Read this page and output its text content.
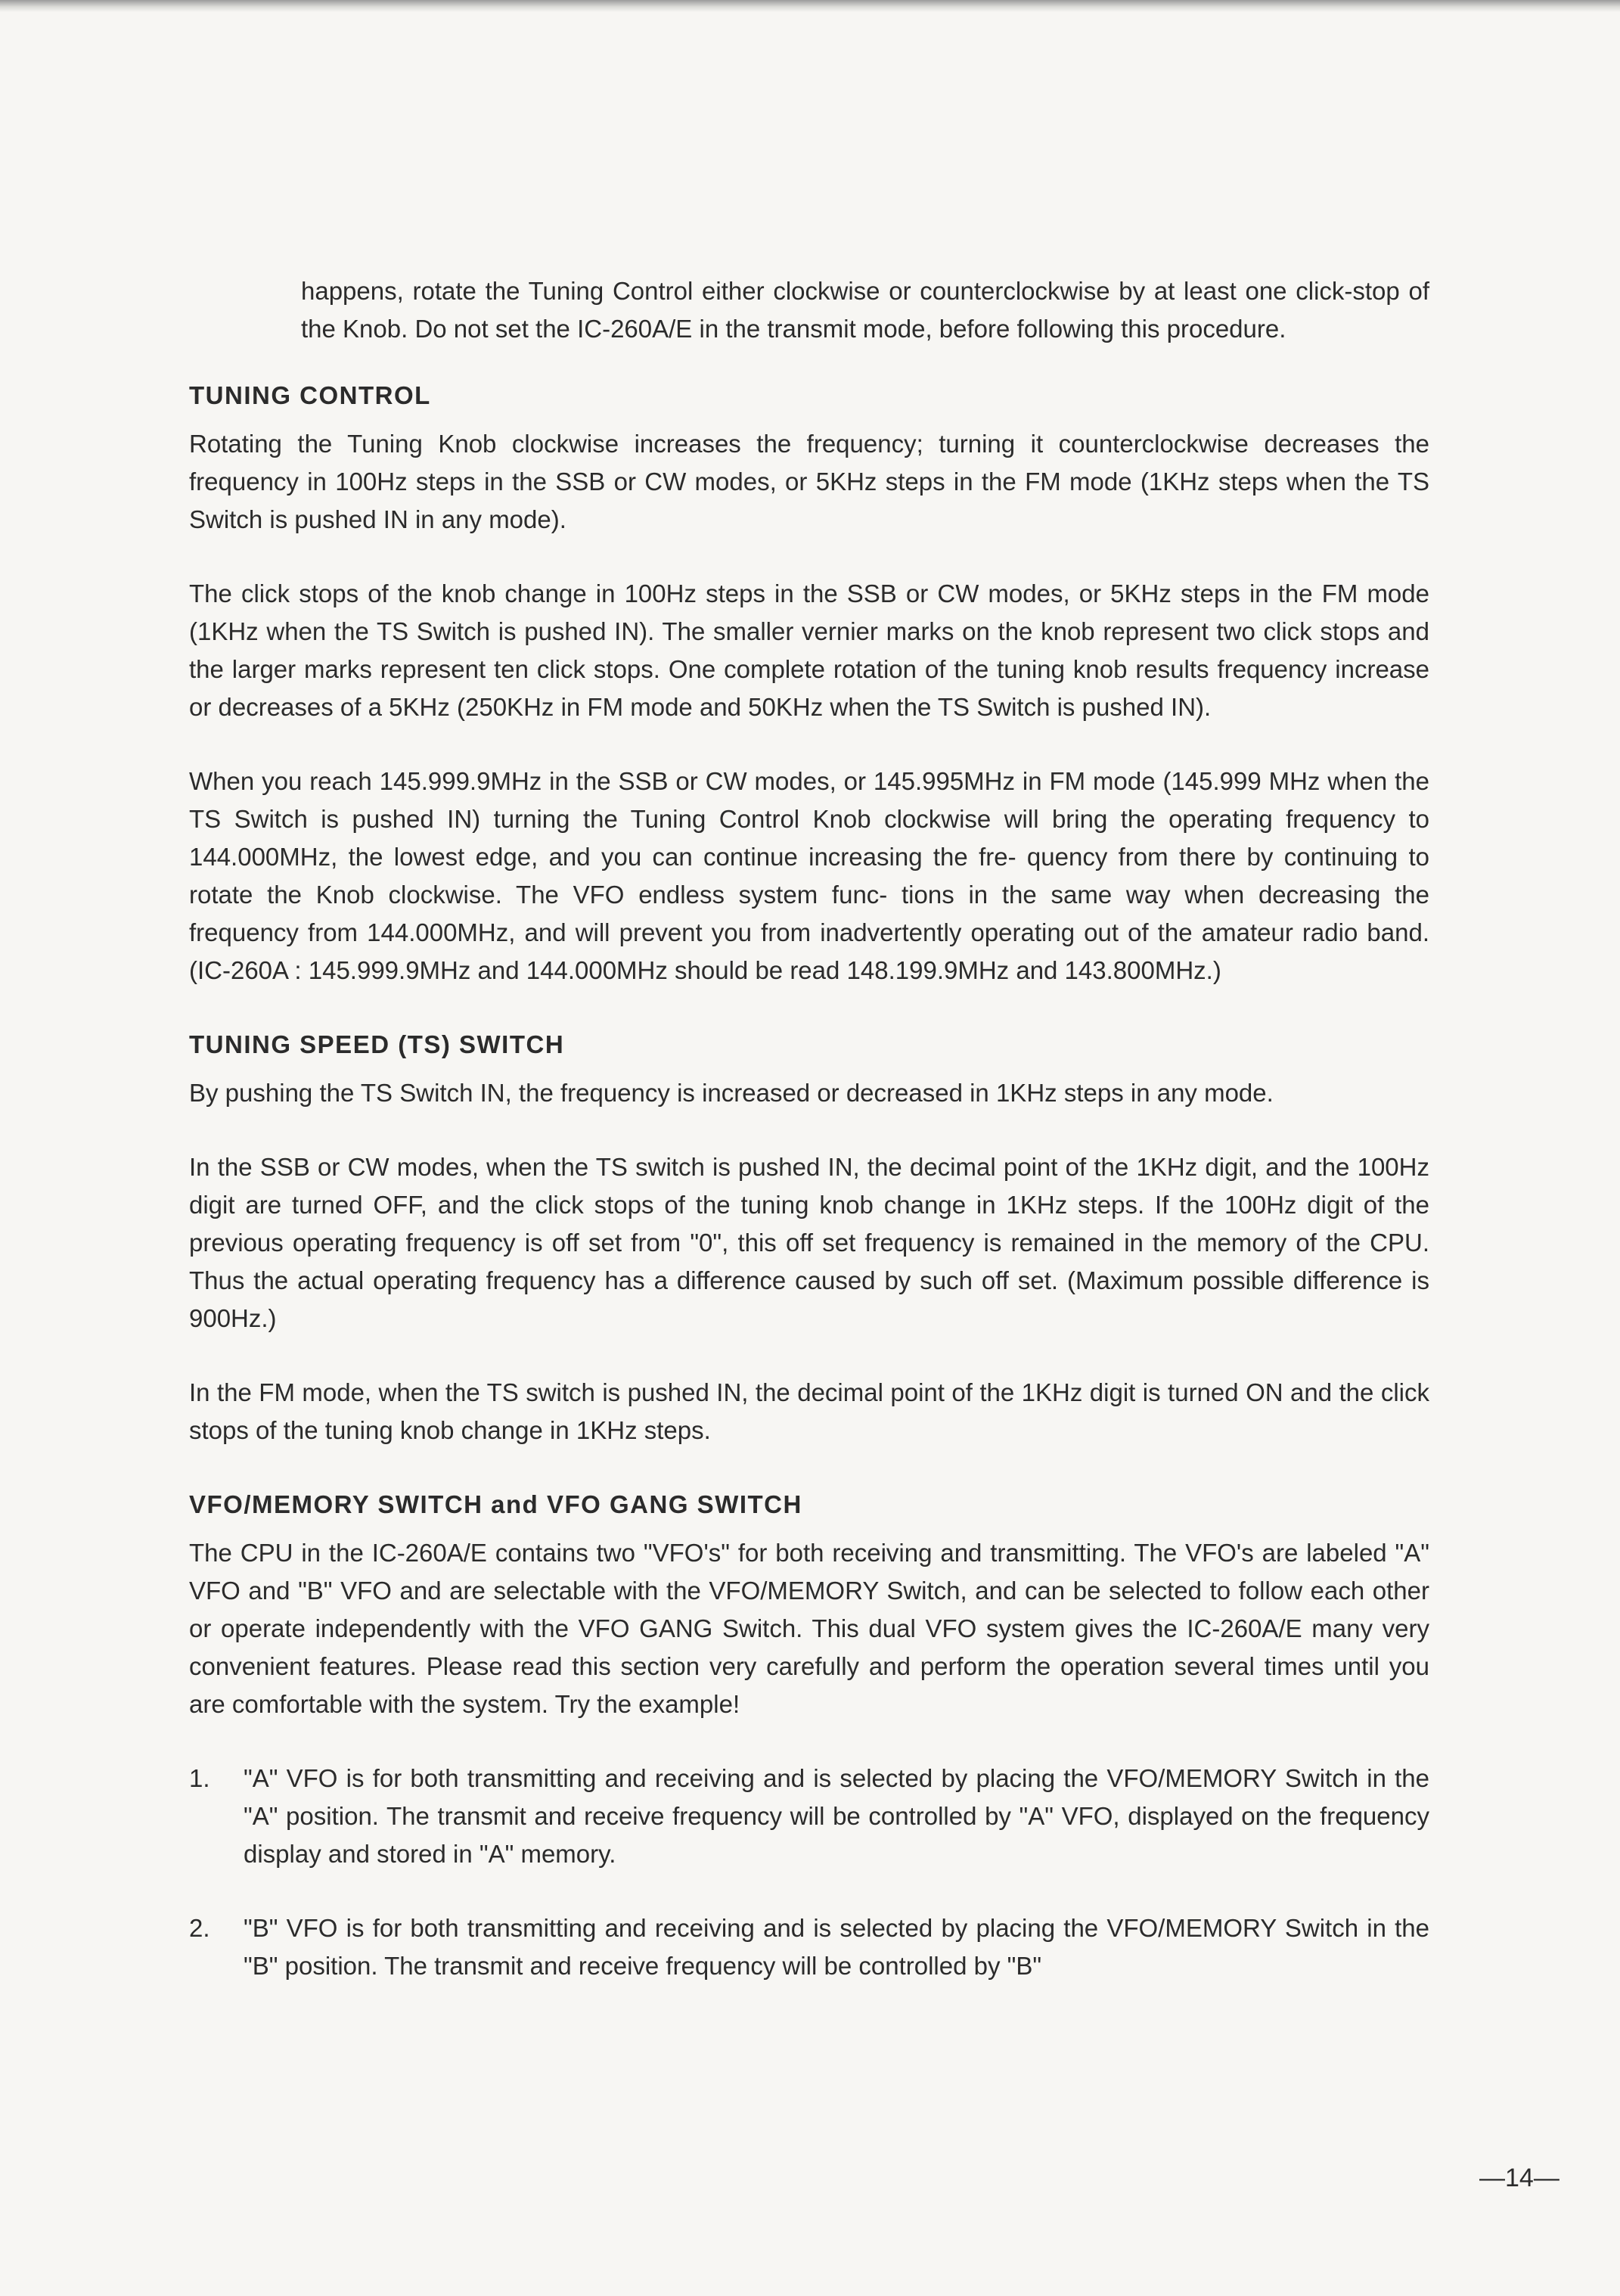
happens, rotate the Tuning Control either clockwise or counterclockwise by at least one click-stop of the Knob. Do not set the IC-260A/E in the transmit mode, before following this procedure.

TUNING CONTROL

Rotating the Tuning Knob clockwise increases the frequency; turning it counterclockwise decreases the frequency in 100Hz steps in the SSB or CW modes, or 5KHz steps in the FM mode (1KHz steps when the TS Switch is pushed IN in any mode).

The click stops of the knob change in 100Hz steps in the SSB or CW modes, or 5KHz steps in the FM mode (1KHz when the TS Switch is pushed IN). The smaller vernier marks on the knob represent two click stops and the larger marks represent ten click stops. One complete rotation of the tuning knob results frequency increase or decreases of a 5KHz (250KHz in FM mode and 50KHz when the TS Switch is pushed IN).

When you reach 145.999.9MHz in the SSB or CW modes, or 145.995MHz in FM mode (145.999 MHz when the TS Switch is pushed IN) turning the Tuning Control Knob clockwise will bring the operating frequency to 144.000MHz, the lowest edge, and you can continue increasing the fre- quency from there by continuing to rotate the Knob clockwise. The VFO endless system func- tions in the same way when decreasing the frequency from 144.000MHz, and will prevent you from inadvertently operating out of the amateur radio band. (IC-260A : 145.999.9MHz and 144.000MHz should be read 148.199.9MHz and 143.800MHz.)

TUNING SPEED (TS) SWITCH

By pushing the TS Switch IN, the frequency is increased or decreased in 1KHz steps in any mode.

In the SSB or CW modes, when the TS switch is pushed IN, the decimal point of the 1KHz digit, and the 100Hz digit are turned OFF, and the click stops of the tuning knob change in 1KHz steps. If the 100Hz digit of the previous operating frequency is off set from "0", this off set frequency is remained in the memory of the CPU. Thus the actual operating frequency has a difference caused by such off set. (Maximum possible difference is 900Hz.)

In the FM mode, when the TS switch is pushed IN, the decimal point of the 1KHz digit is turned ON and the click stops of the tuning knob change in 1KHz steps.

VFO/MEMORY SWITCH and VFO GANG SWITCH

The CPU in the IC-260A/E contains two "VFO's" for both receiving and transmitting. The VFO's are labeled "A" VFO and "B" VFO and are selectable with the VFO/MEMORY Switch, and can be selected to follow each other or operate independently with the VFO GANG Switch. This dual VFO system gives the IC-260A/E many very convenient features. Please read this section very carefully and perform the operation several times until you are comfortable with the system. Try the example!

1.	"A" VFO is for both transmitting and receiving and is selected by placing the VFO/MEMORY Switch in the "A" position. The transmit and receive frequency will be controlled by "A" VFO, displayed on the frequency display and stored in "A" memory.
2.	"B" VFO is for both transmitting and receiving and is selected by placing the VFO/MEMORY Switch in the "B" position. The transmit and receive frequency will be controlled by "B"
—14—
